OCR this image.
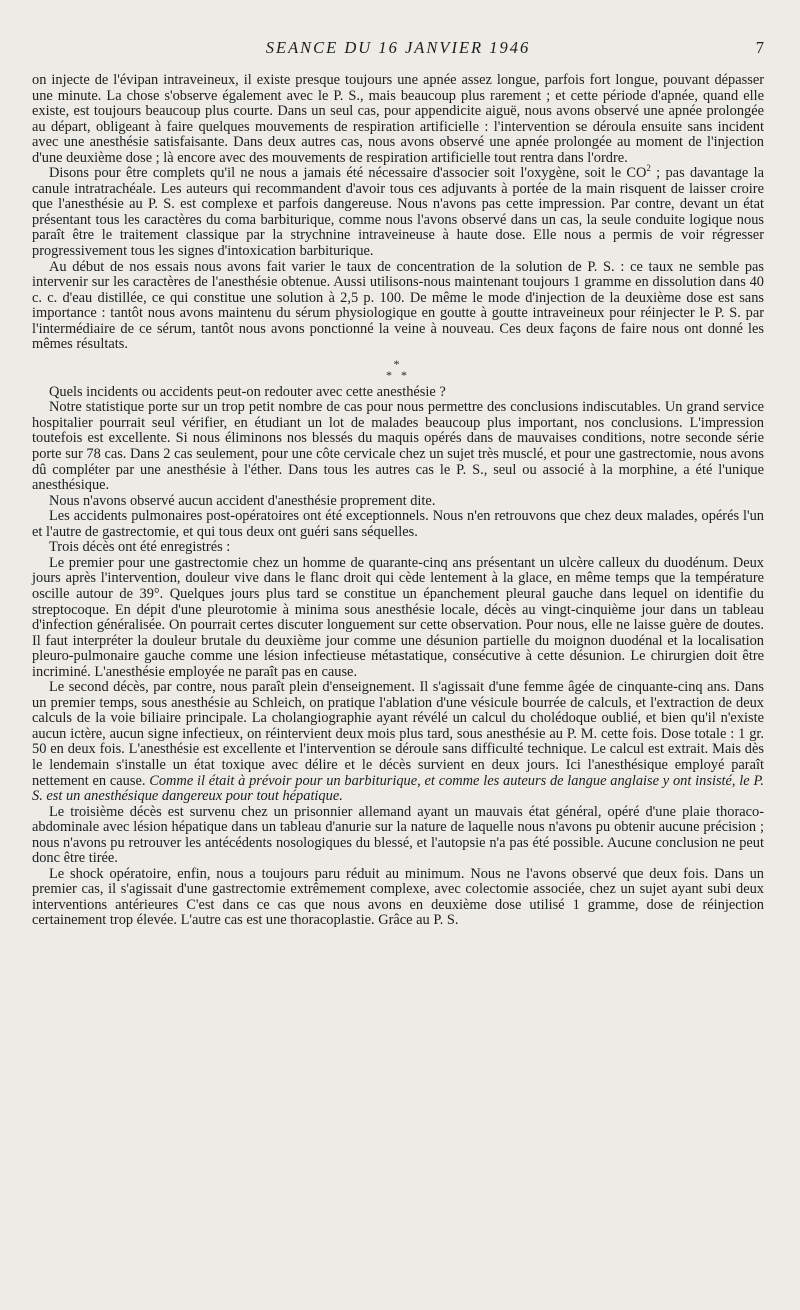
SEANCE DU 16 JANVIER 1946	7

on injecte de l'évipan intraveineux, il existe presque toujours une apnée assez longue, parfois fort longue, pouvant dépasser une minute. La chose s'observe également avec le P. S., mais beaucoup plus rarement ; et cette période d'apnée, quand elle existe, est toujours beaucoup plus courte. Dans un seul cas, pour appendicite aiguë, nous avons observé une apnée prolongée au départ, obligeant à faire quelques mouvements de respiration artificielle : l'intervention se déroula ensuite sans incident avec une anesthésie satisfaisante. Dans deux autres cas, nous avons observé une apnée prolongée au moment de l'injection d'une deuxième dose ; là encore avec des mouvements de respiration artificielle tout rentra dans l'ordre.

Disons pour être complets qu'il ne nous a jamais été nécessaire d'associer soit l'oxygène, soit le $CO^2$ ; pas davantage la canule intratrachéale. Les auteurs qui recommandent d'avoir tous ces adjuvants à portée de la main risquent de laisser croire que l'anesthésie au P. S. est complexe et parfois dangereuse. Nous n'avons pas cette impression. Par contre, devant un état présentant tous les caractères du coma barbiturique, comme nous l'avons observé dans un cas, la seule conduite logique nous paraît être le traitement classique par la strychnine intraveineuse à haute dose. Elle nous a permis de voir régresser progressivement tous les signes d'intoxication barbiturique.

Au début de nos essais nous avons fait varier le taux de concentration de la solution de P. S. : ce taux ne semble pas intervenir sur les caractères de l'anesthésie obtenue. Aussi utilisons-nous maintenant toujours 1 gramme en dissolution dans 40 c. c. d'eau distillée, ce qui constitue une solution à 2,5 p. 100. De même le mode d'injection de la deuxième dose est sans importance : tantôt nous avons maintenu du sérum physiologique en goutte à goutte intraveineux pour réinjecter le P. S. par l'intermédiaire de ce sérum, tantôt nous avons ponctionné la veine à nouveau. Ces deux façons de faire nous ont donné les mêmes résultats.

*
* *

Quels incidents ou accidents peut-on redouter avec cette anesthésie ?

Notre statistique porte sur un trop petit nombre de cas pour nous permettre des conclusions indiscutables. Un grand service hospitalier pourrait seul vérifier, en étudiant un lot de malades beaucoup plus important, nos conclusions. L'impression toutefois est excellente. Si nous éliminons nos blessés du maquis opérés dans de mauvaises conditions, notre seconde série porte sur 78 cas. Dans 2 cas seulement, pour une côte cervicale chez un sujet très musclé, et pour une gastrectomie, nous avons dû compléter par une anesthésie à l'éther. Dans tous les autres cas le P. S., seul ou associé à la morphine, a été l'unique anesthésique.

Nous n'avons observé aucun accident d'anesthésie proprement dite.

Les accidents pulmonaires post-opératoires ont été exceptionnels. Nous n'en retrouvons que chez deux malades, opérés l'un et l'autre de gastrectomie, et qui tous deux ont guéri sans séquelles.

Trois décès ont été enregistrés :

Le premier pour une gastrectomie chez un homme de quarante-cinq ans présentant un ulcère calleux du duodénum. Deux jours après l'intervention, douleur vive dans le flanc droit qui cède lentement à la glace, en même temps que la température oscille autour de 39°. Quelques jours plus tard se constitue un épanchement pleural gauche dans lequel on identifie du streptocoque. En dépit d'une pleurotomie à minima sous anesthésie locale, décès au vingt-cinquième jour dans un tableau d'infection généralisée. On pourrait certes discuter longuement sur cette observation. Pour nous, elle ne laisse guère de doutes. Il faut interpréter la douleur brutale du deuxième jour comme une désunion partielle du moignon duodénal et la localisation pleuro-pulmonaire gauche comme une lésion infectieuse métastatique, consécutive à cette désunion. Le chirurgien doit être incriminé. L'anesthésie employée ne paraît pas en cause.

Le second décès, par contre, nous paraît plein d'enseignement. Il s'agissait d'une femme âgée de cinquante-cinq ans. Dans un premier temps, sous anesthésie au Schleich, on pratique l'ablation d'une vésicule bourrée de calculs, et l'extraction de deux calculs de la voie biliaire principale. La cholangiographie ayant révélé un calcul du cholédoque oublié, et bien qu'il n'existe aucun ictère, aucun signe infectieux, on réintervient deux mois plus tard, sous anesthésie au P. M. cette fois. Dose totale : 1 gr. 50 en deux fois. L'anesthésie est excellente et l'intervention se déroule sans difficulté technique. Le calcul est extrait. Mais dès le lendemain s'installe un état toxique avec délire et le décès survient en deux jours. Ici l'anesthésique employé paraît nettement en cause. Comme il était à prévoir pour un barbiturique, et comme les auteurs de langue anglaise y ont insisté, le P. S. est un anesthésique dangereux pour tout hépatique.

Le troisième décès est survenu chez un prisonnier allemand ayant un mauvais état général, opéré d'une plaie thoraco-abdominale avec lésion hépatique dans un tableau d'anurie sur la nature de laquelle nous n'avons pu obtenir aucune précision ; nous n'avons pu retrouver les antécédents nosologiques du blessé, et l'autopsie n'a pas été possible. Aucune conclusion ne peut donc être tirée.

Le shock opératoire, enfin, nous a toujours paru réduit au minimum. Nous ne l'avons observé que deux fois. Dans un premier cas, il s'agissait d'une gastrectomie extrêmement complexe, avec colectomie associée, chez un sujet ayant subi deux interventions antérieures C'est dans ce cas que nous avons en deuxième dose utilisé 1 gramme, dose de réinjection certainement trop élevée. L'autre cas est une thoracoplastie. Grâce au P. S.
